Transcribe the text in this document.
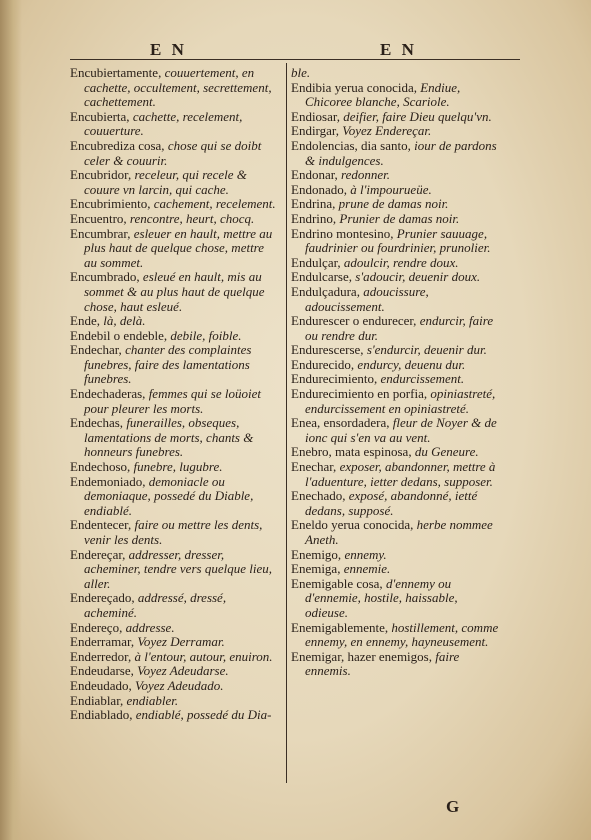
E N	E N

Encubiertamente, couuertement, en cachette, occultement, secrettement, cachettement.

Encubierta, cachette, recelement, couuerture.

Encubrediza cosa, chose qui se doibt celer & couurir.

Encubridor, receleur, qui recele & couure vn larcin, qui cache.

Encubrimiento, cachement, recelement.

Encuentro, rencontre, heurt, chocq.

Encumbrar, esleuer en hault, mettre au plus haut de quelque chose, mettre au sommet.

Encumbrado, esleué en hault, mis au sommet & au plus haut de quelque chose, haut esleué.

Ende, là, delà.

Endebil o endeble, debile, foible.

Endechar, chanter des complaintes funebres, faire des lamentations funebres.

Endechaderas, femmes qui se loüoiet pour pleurer les morts.

Endechas, funerailles, obseques, lamentations de morts, chants & honneurs funebres.

Endechoso, funebre, lugubre.

Endemoniado, demoniacle ou demoniaque, possedé du Diable, endiablé.

Endentecer, faire ou mettre les dents, venir les dents.

Endereçar, addresser, dresser, acheminer, tendre vers quelque lieu, aller.

Endereçado, addressé, dressé, acheminé.

Endereço, addresse.

Enderramar, Voyez Derramar.

Enderredor, à l'entour, autour, enuiron.

Endeudarse, Voyez Adeudarse.

Endeudado, Voyez Adeudado.

Endiablar, endiabler.

Endiablado, endiablé, possedé du Dia-

ble.

Endibia yerua conocida, Endiue, Chicoree blanche, Scariole.

Endiosar, deifier, faire Dieu quelqu'vn.

Endirgar, Voyez Endereçar.

Endolencias, dia santo, iour de pardons & indulgences.

Endonar, redonner.

Endonado, à l'impourueüe.

Endrina, prune de damas noir.

Endrino, Prunier de damas noir.

Endrino montesino, Prunier sauuage, faudrinier ou fourdrinier, prunolier.

Endulçar, adoulcir, rendre doux.

Endulcarse, s'adoucir, deuenir doux.

Endulçadura, adoucissure, adoucissement.

Endurescer o endurecer, endurcir, faire ou rendre dur.

Endurescerse, s'endurcir, deuenir dur.

Endurecido, endurcy, deuenu dur.

Endurecimiento, endurcissement.

Endurecimiento en porfia, opiniastreté, endurcissement en opiniastreté.

Enea, ensordadera, fleur de Noyer & de ionc qui s'en va au vent.

Enebro, mata espinosa, du Geneure.

Enechar, exposer, abandonner, mettre à l'aduenture, ietter dedans, supposer.

Enechado, exposé, abandonné, ietté dedans, supposé.

Eneldo yerua conocida, herbe nommee Aneth.

Enemigo, ennemy.

Enemiga, ennemie.

Enemigable cosa, d'ennemy ou d'ennemie, hostile, haissable, odieuse.

Enemigablemente, hostillement, comme ennemy, en ennemy, hayneusement.

Enemigar, hazer enemigos, faire ennemis.

G
